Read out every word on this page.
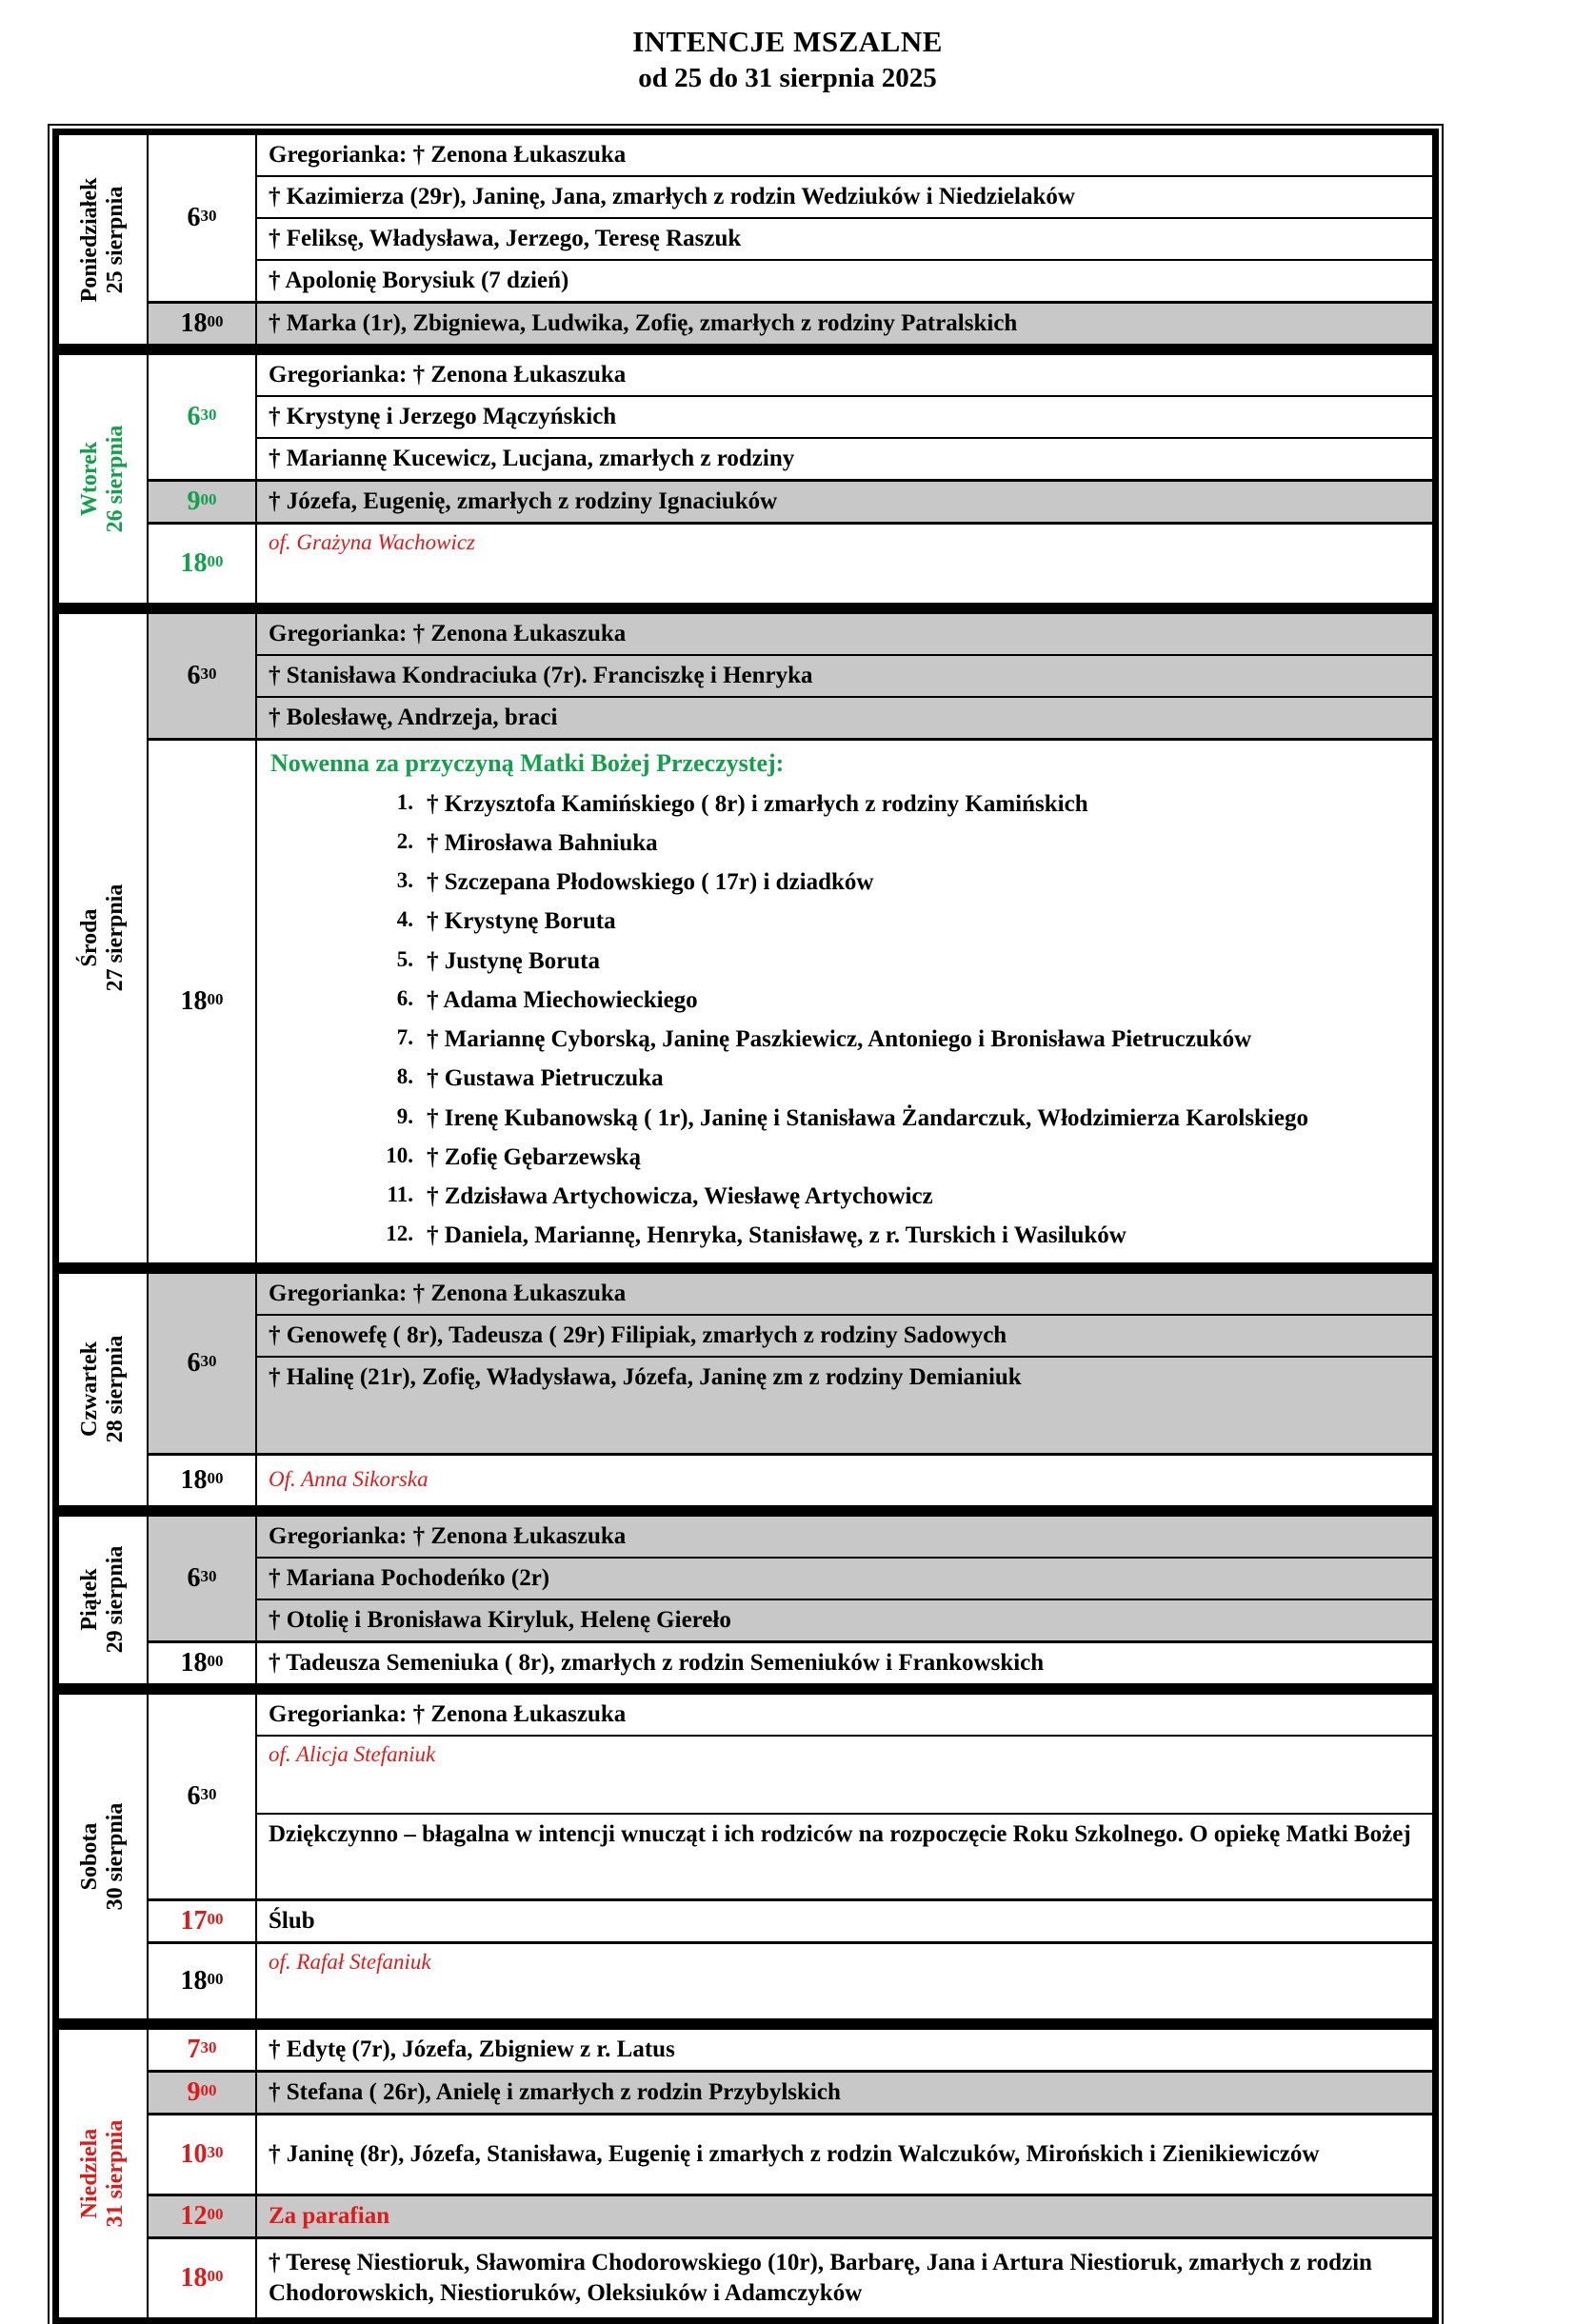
INTENCJE MSZALNE
od 25 do 31 sierpnia 2025
Poniedziałek 25 sierpnia $6^{30}$
Gregorianka: † Zenona Łukaszuka
† Kazimierza (29r), Janinę, Jana, zmarłych z rodzin Wedziuków i Niedzielaków
† Feliksę, Władysława, Jerzego, Teresę Raszuk
† Apolonię Borysiuk (7 dzień)
$18^{00}$ † Marka (1r), Zbigniewa, Ludwika, Zofię, zmarłych z rodziny Patralskich
Wtorek 26 sierpnia
$6^{30}$
Gregorianka: † Zenona Łukaszuka
† Krystynę i Jerzego Mączyńskich
† Mariannę Kucewicz, Lucjana, zmarłych z rodziny
$9^{00}$ † Józefa, Eugenię, zmarłych z rodziny Ignaciuków
$18^{00}$
of. Grażyna Wachowicz
Środa 27 sierpnia
$6^{30}$
Gregorianka: † Zenona Łukaszuka
† Stanisława Kondraciuka (7r). Franciszkę i Henryka
† Bolesławę, Andrzeja, braci
$18^{00}$
Nowenna za przyczyną Matki Bożej Przeczystej:
1. † Krzysztofa Kamińskiego ( 8r) i zmarłych z rodziny Kamińskich
2. † Mirosława Bahniuka
3. † Szczepana Płodowskiego ( 17r) i dziadków
4. † Krystynę Boruta
5. † Justynę Boruta
6. † Adama Miechowieckiego
7. † Mariannę Cyborską, Janinę Paszkiewicz, Antoniego i Bronisława Pietruczuków
8. † Gustawa Pietruczuka
9. † Irenę Kubanowską ( 1r), Janinę i Stanisława Żandarczuk, Włodzimierza Karolskiego
10. † Zofię Gębarzewską
11. † Zdzisława Artychowicza, Wiesławę Artychowicz
12. † Daniela, Mariannę, Henryka, Stanisławę, z r. Turskich i Wasiluków
Czwartek 28 sierpnia $6^{30}$
Gregorianka: † Zenona Łukaszuka
† Genowefę ( 8r), Tadeusza ( 29r) Filipiak, zmarłych z rodziny Sadowych
† Halinę (21r), Zofię, Władysława, Józefa, Janinę zm z rodziny Demianiuk
$18^{00}$ Of. Anna Sikorska
Piątek 29 sierpnia $6^{30}$
Gregorianka: † Zenona Łukaszuka
† Mariana Pochodeńko (2r)
† Otolię i Bronisława Kiryluk, Helenę Giereło
$18^{00}$ † Tadeusza Semeniuka ( 8r), zmarłych z rodzin Semeniuków i Frankowskich
Sobota 30 sierpnia
$6^{30}$
Gregorianka: † Zenona Łukaszuka
of. Alicja Stefaniuk
Dziękczynno – błagalna w intencji wnucząt i ich rodziców na rozpoczęcie Roku Szkolnego. O opiekę Matki Bożej
$17^{00}$ Ślub
$18^{00}$
of. Rafał Stefaniuk
Niedziela 31 sierpnia
$7^{30}$ † Edytę (7r), Józefa, Zbigniew z r. Latus
$9^{00}$ † Stefana ( 26r), Anielę i zmarłych z rodzin Przybylskich
$10^{30}$ † Janinę (8r), Józefa, Stanisława, Eugenię i zmarłych z rodzin Walczuków, Mirońskich i Zienikiewiczów
$12^{00}$ Za parafian
$18^{00}$ † Teresę Niestioruk, Sławomira Chodorowskiego (10r), Barbarę, Jana i Artura Niestioruk, zmarłych z rodzin Chodorowskich, Niestioruków, Oleksiuków i Adamczyków
